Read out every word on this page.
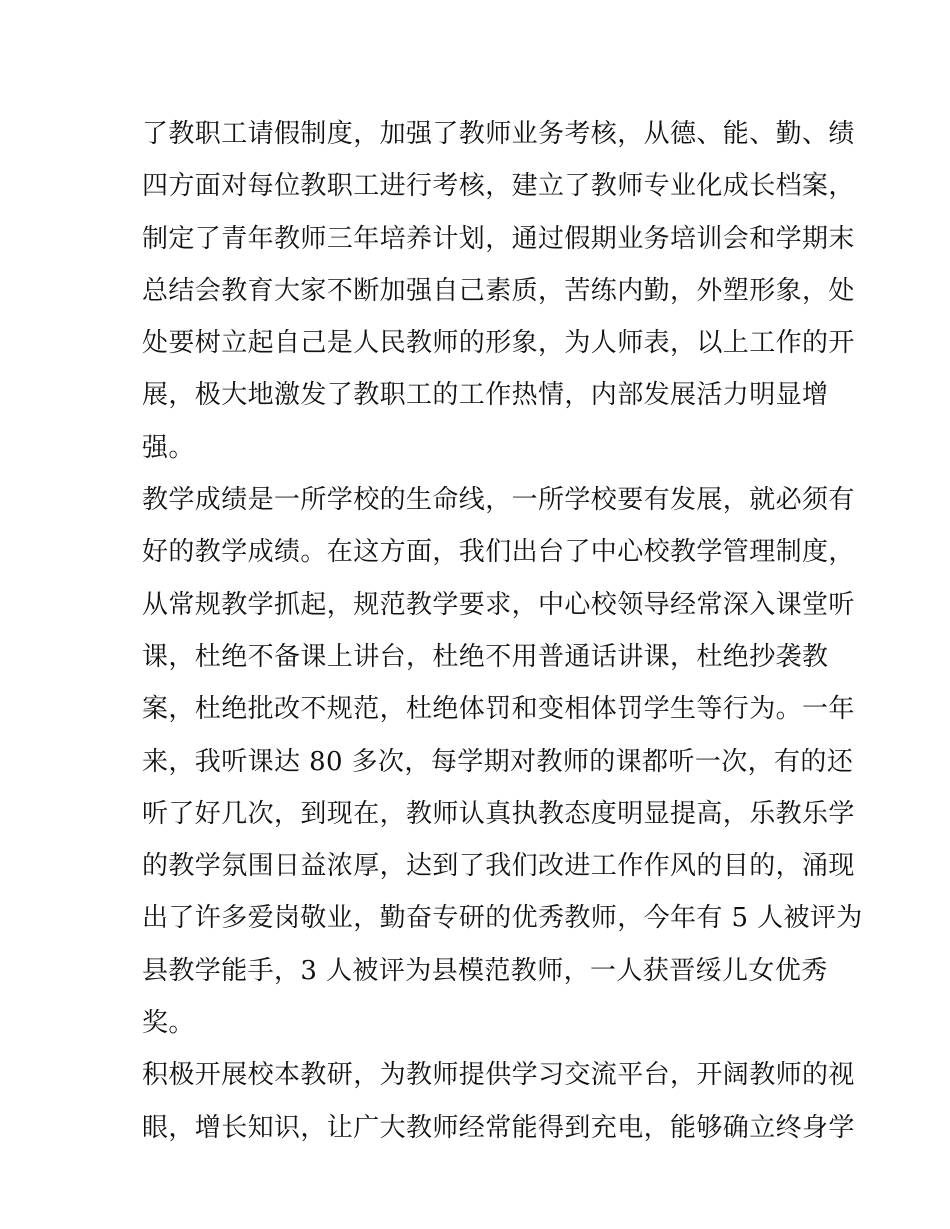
了教职工请假制度，加强了教师业务考核，从德、能、勤、绩
四方面对每位教职工进行考核，建立了教师专业化成长档案，
制定了青年教师三年培养计划，通过假期业务培训会和学期末
总结会教育大家不断加强自己素质，苦练内勤，外塑形象，处
处要树立起自己是人民教师的形象，为人师表，以上工作的开
展，极大地激发了教职工的工作热情，内部发展活力明显增
强。
教学成绩是一所学校的生命线，一所学校要有发展，就必须有
好的教学成绩。在这方面，我们出台了中心校教学管理制度，
从常规教学抓起，规范教学要求，中心校领导经常深入课堂听
课，杜绝不备课上讲台，杜绝不用普通话讲课，杜绝抄袭教
案，杜绝批改不规范，杜绝体罚和变相体罚学生等行为。一年
来，我听课达 80 多次，每学期对教师的课都听一次，有的还
听了好几次，到现在，教师认真执教态度明显提高，乐教乐学
的教学氛围日益浓厚，达到了我们改进工作作风的目的，涌现
出了许多爱岗敬业，勤奋专研的优秀教师，今年有 5 人被评为
县教学能手，3 人被评为县模范教师，一人获晋绥儿女优秀
奖。
积极开展校本教研，为教师提供学习交流平台，开阔教师的视
眼，增长知识，让广大教师经常能得到充电，能够确立终身学
